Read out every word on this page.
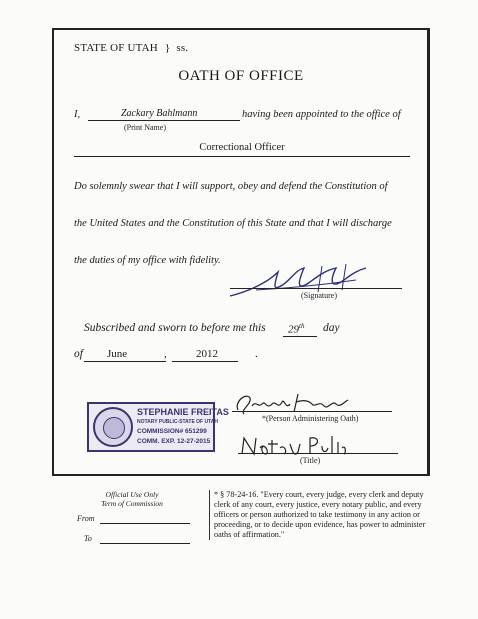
STATE OF UTAH } ss.
OATH OF OFFICE
I,	Zackary Bahlmann
(Print Name)
having been appointed to the office of
Correctional Officer
Do solemnly swear that I will support, obey and defend the Constitution of
the United States and the Constitution of this State and that I will discharge
the duties of my office with fidelity.
(Signature)
Subscribed and sworn to before me this 29th day
of June	,	2012	.
STEPHANIE FREITAS
NOTARY PUBLIC-STATE OF UTAH
COMMISSION# 651299
COMM. EXP. 12-27-2015
*(Person Administering Oath)
(Title)
Official Use Only
Term of Commission
From
To
* § 78-24-16. "Every court, every judge, every clerk and deputy clerk of any court, every justice, every notary public, and every officers or person authorized to take testimony in any action or proceeding, or to decide upon evidence, has power to administer oaths of affirmation."
